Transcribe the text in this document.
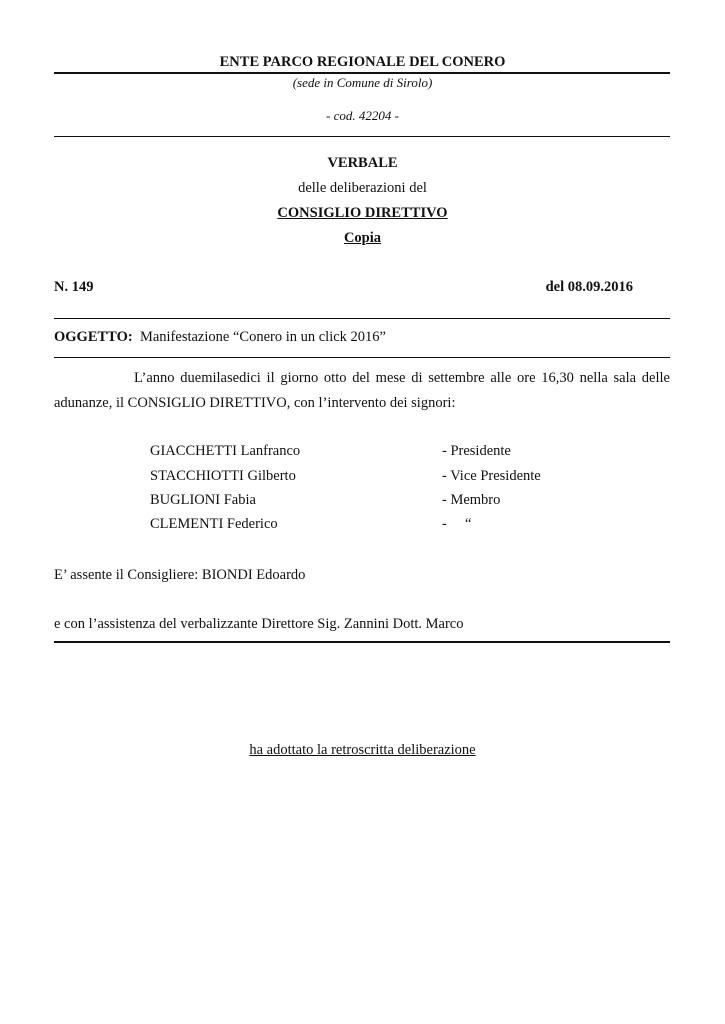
ENTE PARCO REGIONALE DEL CONERO
(sede in Comune di Sirolo)
- cod. 42204 -
VERBALE
delle deliberazioni del
CONSIGLIO DIRETTIVO
Copia
N. 149	del 08.09.2016
OGGETTO: Manifestazione “Conero in un click 2016”
L’anno duemilasedici il giorno otto del mese di settembre alle ore 16,30 nella sala delle
adunanze, il CONSIGLIO DIRETTIVO, con l’intervento dei signori:
GIACCHETTI Lanfranco	- Presidente
STACCHIOTTI Gilberto	- Vice Presidente
BUGLIONI Fabia	- Membro
CLEMENTI Federico	-     “
E’ assente il Consigliere: BIONDI Edoardo
e con l’assistenza del verbalizzante Direttore Sig. Zannini Dott. Marco
ha adottato la retroscritta deliberazione
